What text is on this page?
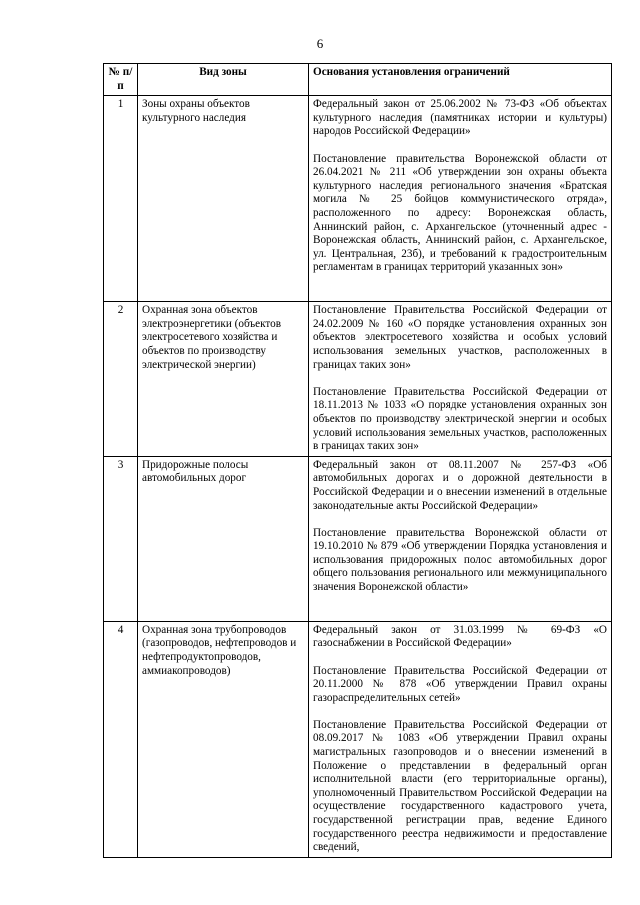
6
№ п/п	Вид зоны	Основания установления ограничений
1	Зоны охраны объектов культурного наследия	Федеральный закон от 25.06.2002 № 73-ФЗ «Об объектах культурного наследия (памятниках истории и культуры) народов Российской Федерации»

Постановление правительства Воронежской области от 26.04.2021 № 211 «Об утверждении зон охраны объекта культурного наследия регионального значения «Братская могила № 25 бойцов коммунистического отряда», расположенного по адресу: Воронежская область, Аннинский район, с. Архангельское (уточненный адрес - Воронежская область, Аннинский район, с. Архангельское, ул. Центральная, 23б), и требований к градостроительным регламентам в границах территорий указанных зон»

2	Охранная зона объектов электроэнергетики (объектов электросетевого хозяйства и объектов по производству электрической энергии)	Постановление Правительства Российской Федерации от 24.02.2009 № 160 «О порядке установления охранных зон объектов электросетевого хозяйства и особых условий использования земельных участков, расположенных в границах таких зон»

Постановление Правительства Российской Федерации от 18.11.2013 № 1033 «О порядке установления охранных зон объектов по производству электрической энергии и особых условий использования земельных участков, расположенных в границах таких зон»

3	Придорожные полосы автомобильных дорог	Федеральный закон от 08.11.2007 № 257-ФЗ «Об автомобильных дорогах и о дорожной деятельности в Российской Федерации и о внесении изменений в отдельные законодательные акты Российской Федерации»

Постановление правительства Воронежской области от 19.10.2010 № 879 «Об утверждении Порядка установления и использования придорожных полос автомобильных дорог общего пользования регионального или межмуниципального значения Воронежской области»

4	Охранная зона трубопроводов (газопроводов, нефтепроводов и нефтепродуктопроводов, аммиакопроводов)	Федеральный закон от 31.03.1999 № 69-ФЗ «О газоснабжении в Российской Федерации»

Постановление Правительства Российской Федерации от 20.11.2000 № 878 «Об утверждении Правил охраны газораспределительных сетей»

Постановление Правительства Российской Федерации от 08.09.2017 № 1083 «Об утверждении Правил охраны магистральных газопроводов и о внесении изменений в Положение о представлении в федеральный орган исполнительной власти (его территориальные органы), уполномоченный Правительством Российской Федерации на осуществление государственного кадастрового учета, государственной регистрации прав, ведение Единого государственного реестра недвижимости и предоставление сведений,
